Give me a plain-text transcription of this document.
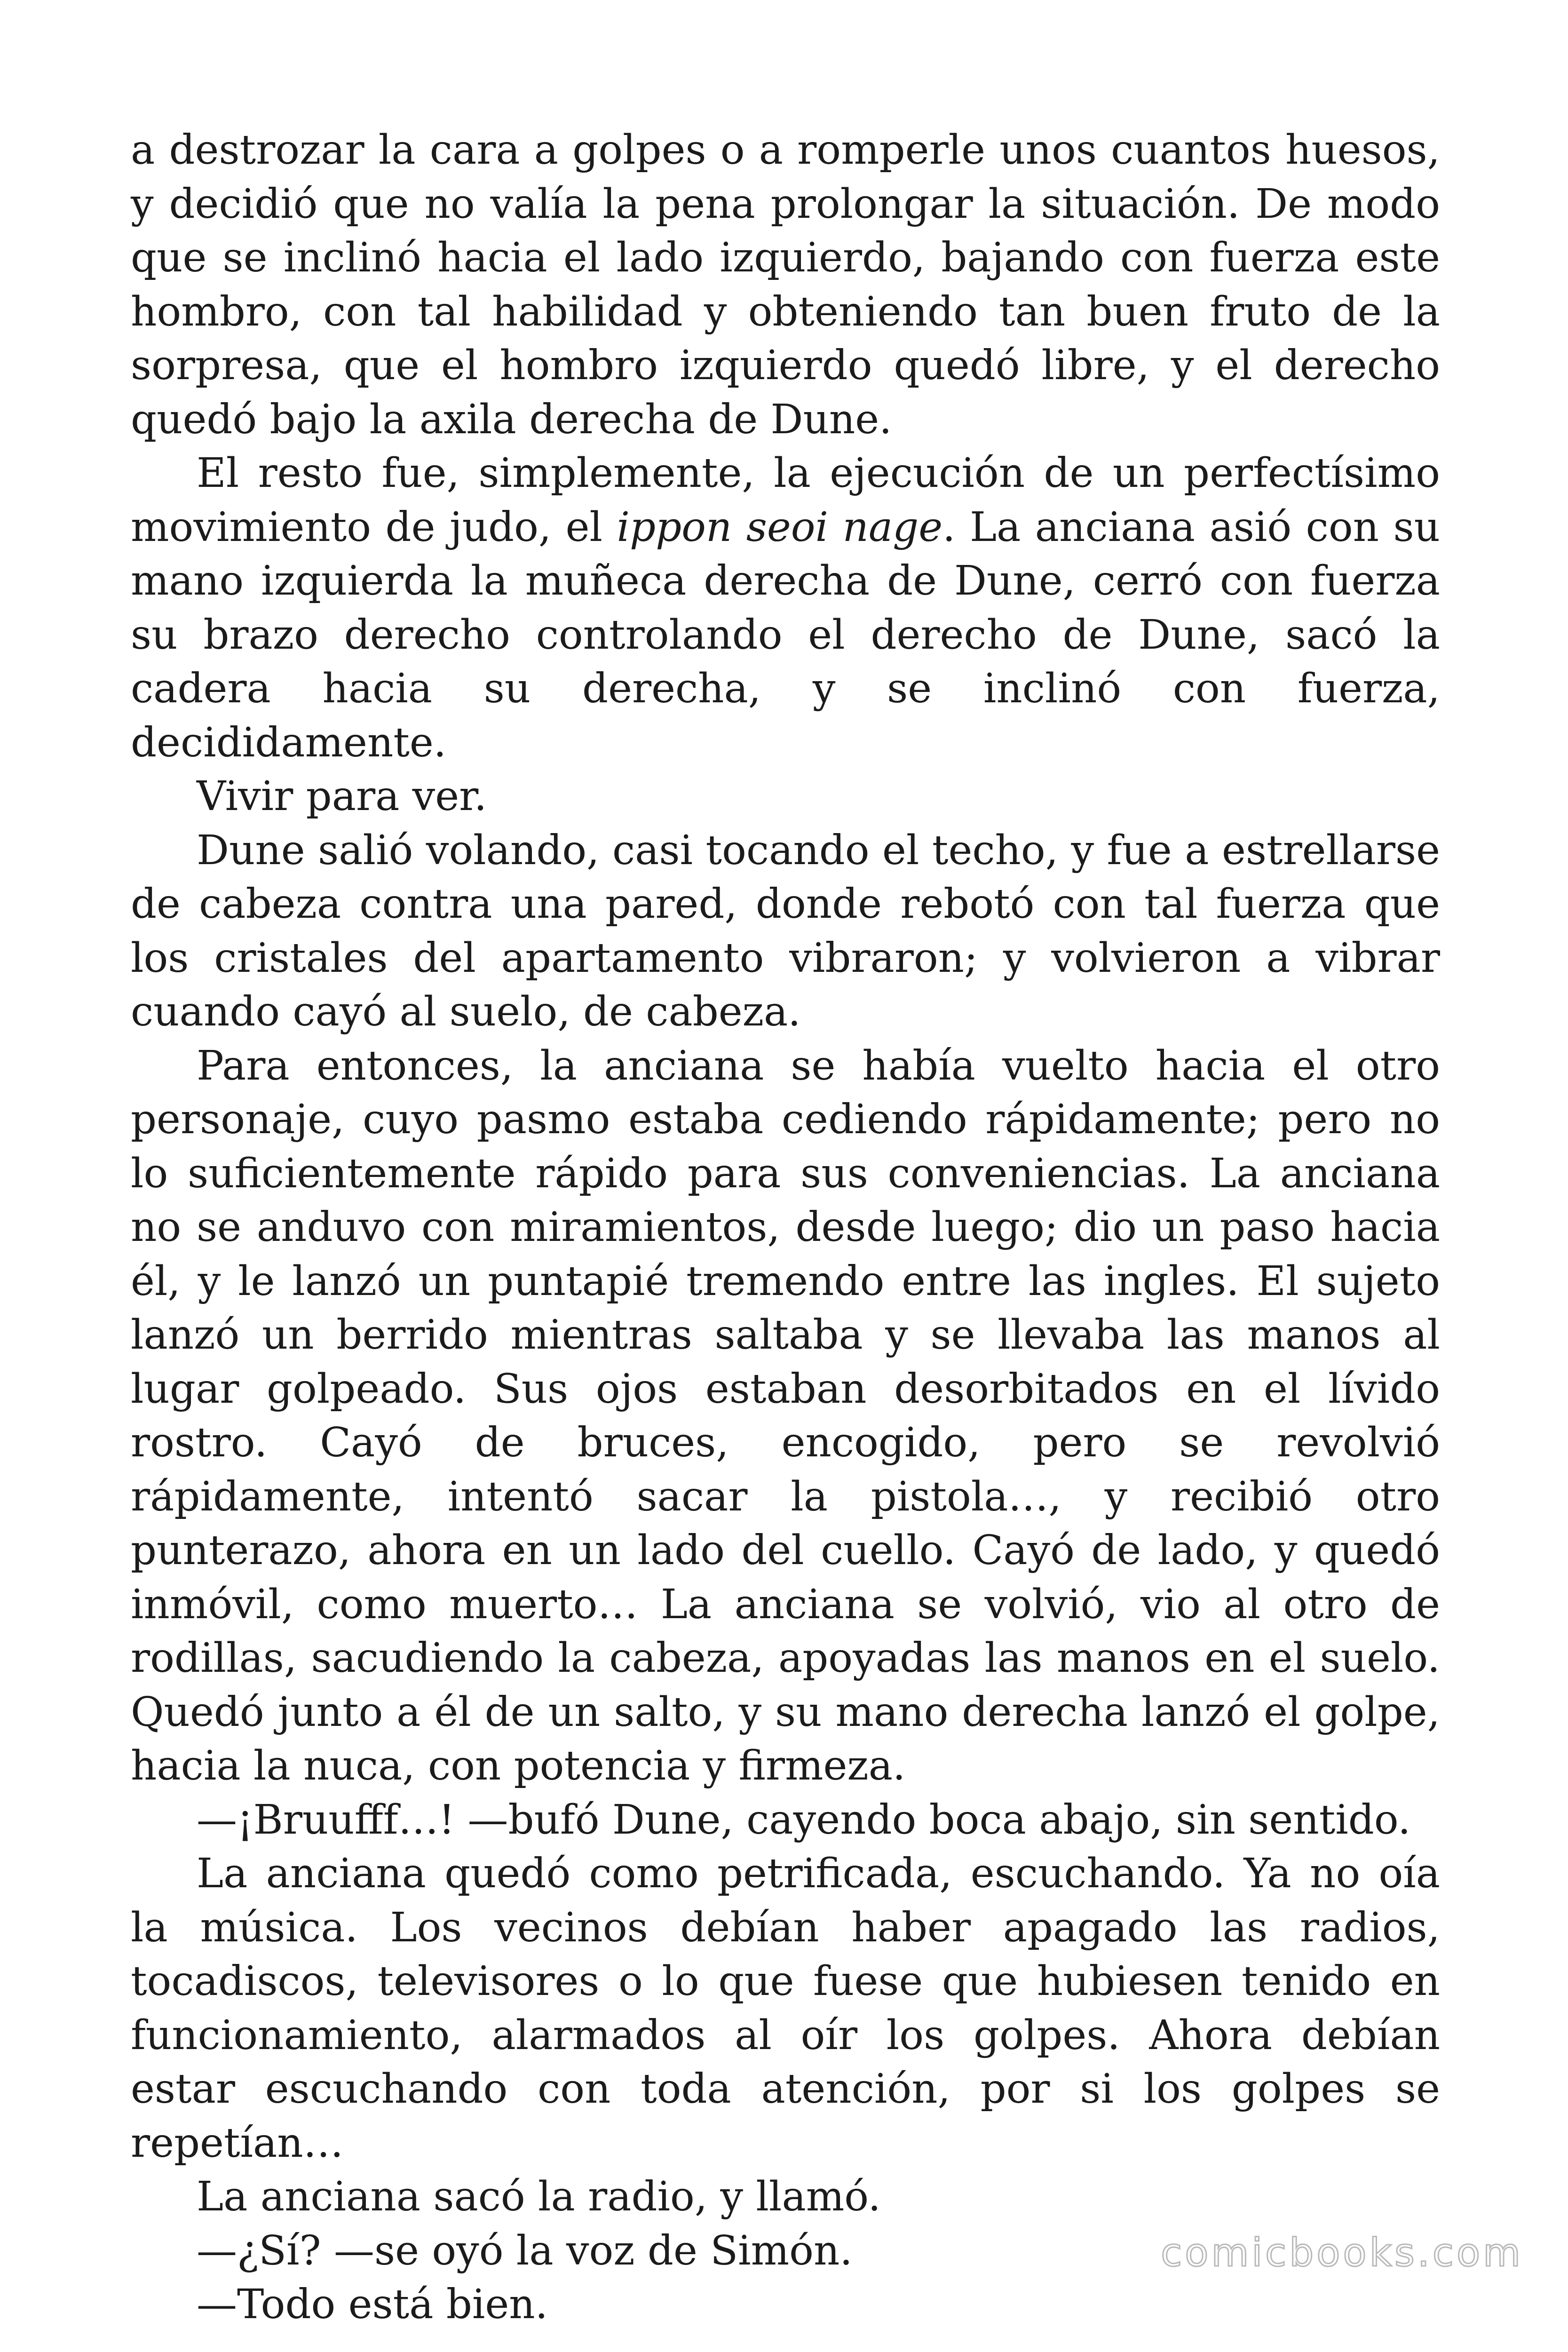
a destrozar la cara a golpes o a romperle unos cuantos huesos, y decidió que no valía la pena prolongar la situación. De modo que se inclinó hacia el lado izquierdo, bajando con fuerza este hombro, con tal habilidad y obteniendo tan buen fruto de la sorpresa, que el hombro izquierdo quedó libre, y el derecho quedó bajo la axila derecha de Dune.

El resto fue, simplemente, la ejecución de un perfectísimo movimiento de judo, el ippon seoi nage. La anciana asió con su mano izquierda la muñeca derecha de Dune, cerró con fuerza su brazo derecho controlando el derecho de Dune, sacó la cadera hacia su derecha, y se inclinó con fuerza, decididamente.

Vivir para ver.

Dune salió volando, casi tocando el techo, y fue a estrellarse de cabeza contra una pared, donde rebotó con tal fuerza que los cristales del apartamento vibraron; y volvieron a vibrar cuando cayó al suelo, de cabeza.

Para entonces, la anciana se había vuelto hacia el otro personaje, cuyo pasmo estaba cediendo rápidamente; pero no lo suficientemente rápido para sus conveniencias. La anciana no se anduvo con miramientos, desde luego; dio un paso hacia él, y le lanzó un puntapié tremendo entre las ingles. El sujeto lanzó un berrido mientras saltaba y se llevaba las manos al lugar golpeado. Sus ojos estaban desorbitados en el lívido rostro. Cayó de bruces, encogido, pero se revolvió rápidamente, intentó sacar la pistola…, y recibió otro punterazo, ahora en un lado del cuello. Cayó de lado, y quedó inmóvil, como muerto… La anciana se volvió, vio al otro de rodillas, sacudiendo la cabeza, apoyadas las manos en el suelo. Quedó junto a él de un salto, y su mano derecha lanzó el golpe, hacia la nuca, con potencia y firmeza.

—¡Bruufff…! —bufó Dune, cayendo boca abajo, sin sentido.

La anciana quedó como petrificada, escuchando. Ya no oía la música. Los vecinos debían haber apagado las radios, tocadiscos, televisores o lo que fuese que hubiesen tenido en funcionamiento, alarmados al oír los golpes. Ahora debían estar escuchando con toda atención, por si los golpes se repetían…

La anciana sacó la radio, y llamó.

—¿Sí? —se oyó la voz de Simón.

—Todo está bien.

comicbooks.com
